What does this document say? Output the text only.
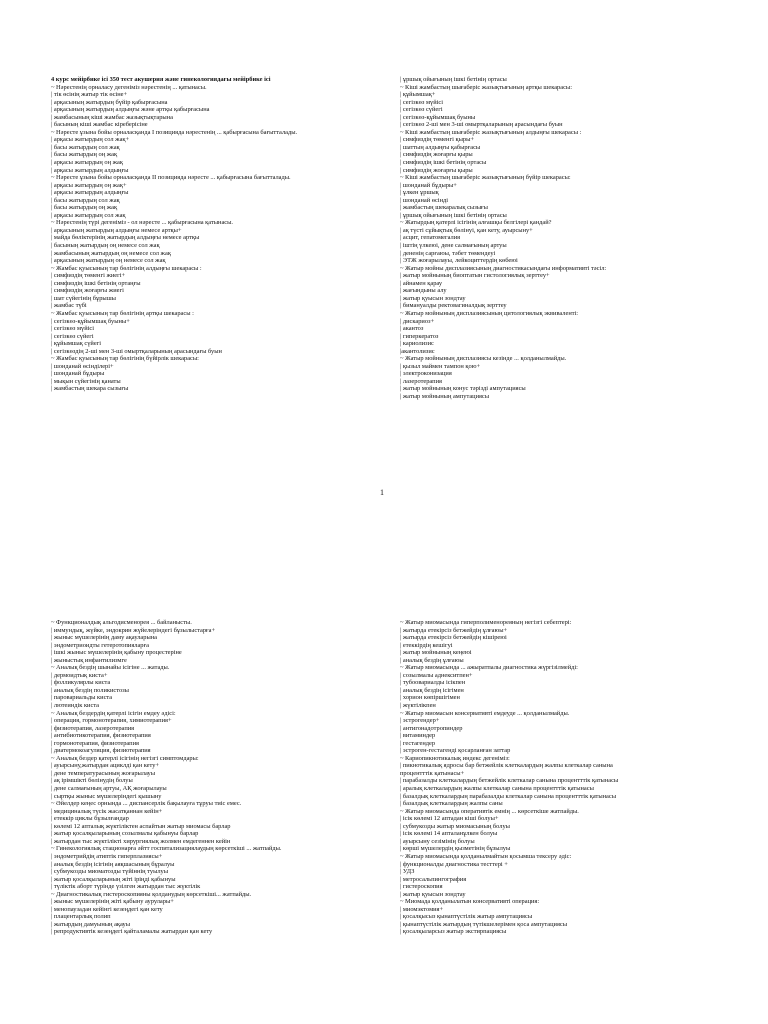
4 курс мейірбике ісі 350 тест акушерия және гинекологиядағы мейірбике ісі
~ Нәрестенің орналасу дегеніміз нәрестенің ... қатынасы.
| тік өсінің жатыр тік өсіне+
| арқасының жатырдың бүйір қабырғасына
| арқасының жатырдың алдыңғы және артқы қабырғасына
| жамбасының кіші жамбас жазықтықтарына
| басының кіші жамбас кіреберісіне
~ Нәресте ұзына бойы орналасқанда I позицияда нәрестенің ... қабырғасына бағытталады.
| арқасы жатырдың сол жақ+
| басы жатырдың сол жақ
| басы жатырдың оң жақ
| арқасы жатырдың оң жақ
| арқасы жатырдың алдыңғы
~ Нәресте ұзына бойы орналасқанда II позицияда нәресте ... қабырғасына бағытталады.
| арқасы жатырдың оң жақ+
| арқасы жатырдың алдыңғы
| басы жатырдың сол жақ
| басы жатырдың оң жақ
| арқасы жатырдың сол жақ
~ Нәрестенің түрі дегеніміз - ол нәресте ... қабырғасына қатынасы.
| арқасының жатырдың алдыңғы немесе артқы+
| майда бөліктерінің жатырдың алдыңғы немесе артқы
| басының жатырдың оң немесе сол жақ
| жамбасының жатырдың оң немесе сол жақ
| арқасының жатырдың оң немесе сол жақ
~ Жамбас қуысының тар бөлігінің алдыңғы шекарасы :
| симфиздің төменгі жиегі+
| симфиздің ішкі бетінің ортаңғы
| симфиздің жоғарғы жиегі
| шат сүйегінің бұрышы
| жамбас түбі
~ Жамбас қуысының тар бөлігінің артқы шекарасы :
| сегізкөз-құйымшақ буыны+
| сегізкөз мүйісі
| сегізкөз сүйегі
| құйымшақ сүйегі
| сегізкөздің 2-ші мен 3-ші омыртқаларының арасындағы буын
~ Жамбас қуысының тар бөлігінің бүйірлік шекарасы:
| шонданай өсінділері+
| шонданай бұдыры
| мықын сүйегінің қанаты
| жамбастың шекара сызығы
| ұршық ойығының ішкі бетінің ортасы
~ Кіші жамбастың шығаберіс жазықтығының артқы шекарасы:
| құйымшақ+
| сегізкөз мүйісі
| сегізкөз сүйегі
| сегізкөз-құйымшақ буыны
| сегізкөз 2-ші мен 3-ші омыртқаларының арасындағы буын
~ Кіші жамбастың шығаберіс жазықтығының алдыңғы шекарасы :
| симфиздің төменгі қыры+
| шаттың алдыңғы қабырғасы
| симфиздің жоғарғы қыры
| симфиздің ішкі бетінің ортасы
| симфиздің жоғарғы қыры
~ Кіші жамбастың шығаберіс жазықтығының бүйір шекарасы:
| шонданай бұдыры+
| ұлкен ұршық
| шонданай өсінді
| жамбастың шекаралық сызығы
| ұршық ойығының ішкі бетінің ортасы
~ Жатырдың қатерлі ісігінің алғашқы белгілері қандай?
| ақ түсті сұйықтық бөлінуі, қан кету, ауырсыну+
| асцит, гепатомегалия
| іштің үлкеюі, дене салмағының артуы
| дененің сарғаюы, тәбет төмендеуі
| ЭТЖ жоғарылауы, лейкоциттердің көбеюі
~ Жатыр мойны дисплазиясының диагностикасындағы информативті тәсіл:
| жатыр мойнының биоптатын гистологиялық зерттеу+
| айнамен қарау
| жағындыны алу
| жатыр қуысын зондтау
| бимануалды ректовагиналдық зерттеу
~ Жатыр мойнының дисплазиясының цитологиялық эквиваленті:
| дискариоз+
| акантоз
| гиперкератоз
| кариолизис
|акантолизис
~ Жатыр мойнының дисплазиясы кезінде ... қолданылмайды.
| қызыл маймен тампон қою+
| электроконизация
| лазеротерапия
| жатыр мойнының конус тәрізді ампутациясы
| жатыр мойнының ампутациясы
1
~ Функционалдық альгодисменорея ... байланысты.
| иммундық, жүйке, эндокрин жүйелеріндегі бұзылыстарға+
| жыныс мүшелерінің даму ақауларына
| эндометриоидты гетеротопияларға
| ішкі жыныс мүшелерінің қабыну процестеріне
| жыныстық инфантилизмге
~ Аналық бездің шынайы ісігіне ... жатады.
| дермоидтық киста+
| фолликулярлы киста
| аналық бездің поликистозы
| паровариальды киста
| лютеиндік киста
~ Аналық бездердің қатерлі ісігін емдеу әдісі:
| операция, гормонотерапия, химиотерапия+
| физиотерапия, лазеротерапия
| антибиотикотерапия, физиотерапия
| гормонотерапия, физиотерапия
| диатермокоагуляция, физиотерапия
~ Аналық бездер қатерлі ісігінің негізгі симптомдары:
| ауырсыну,жатырдан ациклді қан кету+
| дене температурасының жоғарылауы
| ақ ірімшікті бөлінудің болуы
| дене салмағының артуы, АҚ жоғарылауы
| сыртқы жыныс мүшелеріндегі қышыну
~ Әйелдер кеңес орнында ... диспансерлік бақылауға тұруы тиіс емес.
| медициналық түсік жасатқаннан кейін+
| етеккір циклы бұзылғандар
| көлемі 12 апталық жүктіліктен аспайтын жатыр миомасы барлар
| жатыр қосалқыларының созылмалы қабынуы барлар
| жатырдан тыс жүктілікті хирургиялық жолмен емдегеннен кейін
~ Гинекологиялық стационарға әйтт госпитализациялаудың көрсеткіші ... жатпайды.
| эндометрийдің атиптік гиперплазиясы+
| аналық бездің ісігінің аяқшасының бұралуы
| субмукозды миоматозды түйіннің туылуы
| жатыр қосалқыларының жіті іріңді қабынуы
| түліктік аборт түрінде үзілген жатырдан тыс жүктілік
~ Диагностикалық гистероскопияны қолданудың көрсеткіші... жатпайды.
| жыныс мүшелерінің жіті қабыну аурулары+
| менопаузадан кейінгі кезеңдегі қан кету
| плацентарлық полип
| жатырдың дамуының ақауы
| репродуктивтік кезеңдегі қайталамалы жатырдан қан кету
~ Жатыр миомасында гиперполименореяның негізгі себептері:
| жатырда етекірсіз бетжейдің ұлғаюы+
| жатырда етекірсіз бетжейдің кішіреюі
| етеккірдің кешігуі
| жатыр мойнының кеңеюі
| аналық бездің ұлғаюы
~ Жатыр миомасында ... ажыратпалы диагностика жүргізілмейді:
| созылмалы аднекситпен+
| тубоовариалды ісікпен
| аналық бездің ісігімен
| хорион көпіршігімен
| жүктілікпен
~ Жатыр миомасын консервативті емдеуде ... қолданылмайды.
| эстрогендер+
| антигонадотропиндер
| витаминдер
| гестагендер
| эстроген-гестагенді қосарланған заттар
~ Кариопикнотикалық индекс дегеніміз:
| пикнотикалық ядросы бар бетжейлік клеткалардың жалпы клеткалар санына
процентттік қатынасы+
| парабазалды клеткалардың бетжейлік клеткалар санына процентттік қатынасы
| аралық клеткалардың жалпы клеткалар санына процентттік қатынасы
| базалдық клеткалардың парабазалды клеткалар санына процентттік қатынасы
| базалдық клеткалардың жалпы саны
~ Жатыр миомасында оперативтік емнің ... көрсеткіше жатпайды.
| ісік көлемі 12 аптадан кіші болуы+
| субмукозды жатыр миомасының болуы
| ісік көлемі 14 апталанұлкен болуы
| ауырсыну сезімінің болуы
| көрші мүшелердің қызметінің бұзылуы
~ Жатыр миомасында қолданылмайтын қосымша тексеру әдіс:
| функционалды диагностика тесттері +
| УДЗ
| метросальпингография
| гистероскопия
| жатыр қуысын зондтау
~ Миомада қолданылатын консервативті операция:
| миомэктомия+
| қосалқысыз қынаптүстілік жатыр ампутациясы
| қынаптүстілік жатырдың түтікшелерімен қоса ампутациясы
| қосалқыларсыз жатыр экстирпациясы
